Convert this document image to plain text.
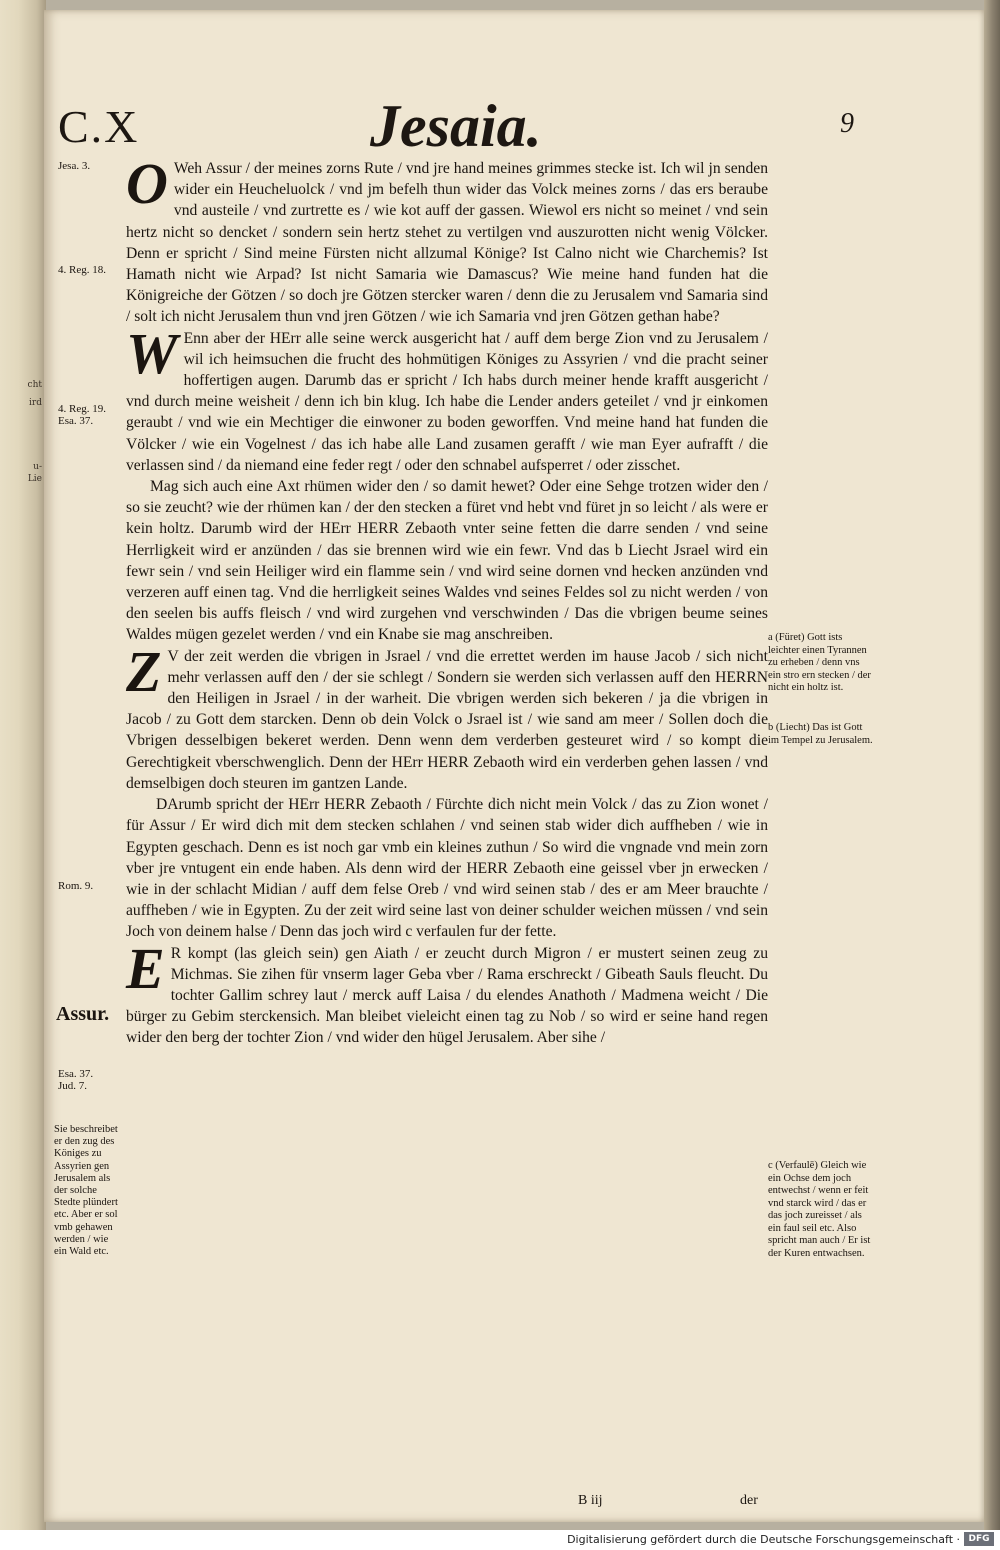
cht
ird
u-
Lie
C.X	Jesaia.	9
Jesa. 3.
4. Reg. 18.
4. Reg. 19. Esa. 37.
Rom. 9.
Assur.
Esa. 37. Jud. 7.
Sie beschreibet er den zug des Königes zu Assyrien gen Jerusalem als der solche Stedte plündert etc. Aber er sol vmb gehawen werden / wie ein Wald etc.

O Weh Assur / der meines zorns Rute / vnd jre hand meines grimmes stecke ist. Ich wil jn senden wider ein Heucheluolck / vnd jm befelh thun wider das Volck meines zorns / das ers beraube vnd austeile / vnd zurtrette es / wie kot auff der gassen. Wiewol ers nicht so meinet / vnd sein hertz nicht so dencket / sondern sein hertz stehet zu vertilgen vnd auszurotten nicht wenig Völcker. Denn er spricht / Sind meine Fürsten nicht allzumal Könige? Ist Calno nicht wie Charchemis? Ist Hamath nicht wie Arpad? Ist nicht Samaria wie Damascus? Wie meine hand funden hat die Königreiche der Götzen / so doch jre Götzen stercker waren / denn die zu Jerusalem vnd Samaria sind / solt ich nicht Jerusalem thun vnd jren Götzen / wie ich Samaria vnd jren Götzen gethan habe?

W Enn aber der HErr alle seine werck ausgericht hat / auff dem berge Zion vnd zu Jerusalem / wil ich heimsuchen die frucht des hohmütigen Königes zu Assyrien / vnd die pracht seiner hoffertigen augen. Darumb das er spricht / Ich habs durch meiner hende krafft ausgericht / vnd durch meine weisheit / denn ich bin klug. Ich habe die Lender anders geteilet / vnd jr einkomen geraubt / vnd wie ein Mechtiger die einwoner zu boden geworffen. Vnd meine hand hat funden die Völcker / wie ein Vogelnest / das ich habe alle Land zusamen gerafft / wie man Eyer aufrafft / die verlassen sind / da niemand eine feder regt / oder den schnabel aufsperret / oder zisschet.

Mag sich auch eine Axt rhümen wider den / so damit hewet? Oder eine Sehge trotzen wider den / so sie zeucht? wie der rhümen kan / der den stecken a füret vnd hebt vnd füret jn so leicht / als were er kein holtz. Darumb wird der HErr HERR Zebaoth vnter seine fetten die darre senden / vnd seine Herrligkeit wird er anzünden / das sie brennen wird wie ein fewr. Vnd das b Liecht Jsrael wird ein fewr sein / vnd sein Heiliger wird ein flamme sein / vnd wird seine dornen vnd hecken anzünden vnd verzeren auff einen tag. Vnd die herrligkeit seines Waldes vnd seines Feldes sol zu nicht werden / von den seelen bis auffs fleisch / vnd wird zurgehen vnd verschwinden / Das die vbrigen beume seines Waldes mügen gezelet werden / vnd ein Knabe sie mag anschreiben.

Z V der zeit werden die vbrigen in Jsrael / vnd die errettet werden im hause Jacob / sich nicht mehr verlassen auff den / der sie schlegt / Sondern sie werden sich verlassen auff den HERRN den Heiligen in Jsrael / in der warheit. Die vbrigen werden sich bekeren / ja die vbrigen in Jacob / zu Gott dem starcken. Denn ob dein Volck o Jsrael ist / wie sand am meer / Sollen doch die Vbrigen desselbigen bekeret werden. Denn wenn dem verderben gesteuret wird / so kompt die Gerechtigkeit vberschwenglich. Denn der HErr HERR Zebaoth wird ein verderben gehen lassen / vnd demselbigen doch steuren im gantzen Lande.

DArumb spricht der HErr HERR Zebaoth / Fürchte dich nicht mein Volck / das zu Zion wonet / für Assur / Er wird dich mit dem stecken schlahen / vnd seinen stab wider dich auffheben / wie in Egypten geschach. Denn es ist noch gar vmb ein kleines zuthun / So wird die vngnade vnd mein zorn vber jre vntugent ein ende haben. Als denn wird der HERR Zebaoth eine geissel vber jn erwecken / wie in der schlacht Midian / auff dem felse Oreb / vnd wird seinen stab / des er am Meer brauchte / auffheben / wie in Egypten. Zu der zeit wird seine last von deiner schulder weichen müssen / vnd sein Joch von deinem halse / Denn das joch wird c verfaulen fur der fette.

E R kompt (las gleich sein) gen Aiath / er zeucht durch Migron / er mustert seinen zeug zu Michmas. Sie zihen für vnserm lager Geba vber / Rama erschreckt / Gibeath Sauls fleucht. Du tochter Gallim schrey laut / merck auff Laisa / du elendes Anathoth / Madmena weicht / Die bürger zu Gebim sterckensich. Man bleibet vieleicht einen tag zu Nob / so wird er seine hand regen wider den berg der tochter Zion / vnd wider den hügel Jerusalem. Aber sihe /

a (Füret) Gott ists leichter einen Tyrannen zu erheben / denn vns ein stro ern stecken / der nicht ein holtz ist.
b (Liecht) Das ist Gott im Tempel zu Jerusalem.
c (Verfaulē) Gleich wie ein Ochse dem joch entwechst / wenn er feit vnd starck wird / das er das joch zureisset / als ein faul seil etc. Also spricht man auch / Er ist der Kuren entwachsen.
B iij	der
Digitalisierung gefördert durch die Deutsche Forschungsgemeinschaft · DFG
